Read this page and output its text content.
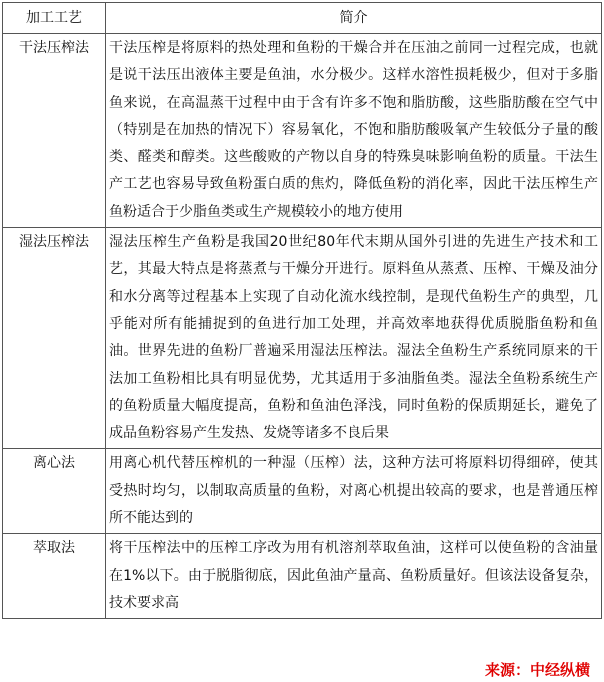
加工工艺	简介
干法压榨法	干法压榨是将原料的热处理和鱼粉的干燥合并在压油之前同一过程完成，也就是说干法压出液体主要是鱼油，水分极少。这样水溶性损耗极少，但对于多脂鱼来说，在高温蒸干过程中由于含有许多不饱和脂肪酸，这些脂肪酸在空气中（特别是在加热的情况下）容易氧化，不饱和脂肪酸吸氧产生较低分子量的酸类、醛类和醇类。这些酸败的产物以自身的特殊臭味影响鱼粉的质量。干法生产工艺也容易导致鱼粉蛋白质的焦灼，降低鱼粉的消化率，因此干法压榨生产鱼粉适合于少脂鱼类或生产规模较小的地方使用
湿法压榨法	湿法压榨生产鱼粉是我国20世纪80年代末期从国外引进的先进生产技术和工艺，其最大特点是将蒸煮与干燥分开进行。原料鱼从蒸煮、压榨、干燥及油分和水分离等过程基本上实现了自动化流水线控制，是现代鱼粉生产的典型，几乎能对所有能捕捉到的鱼进行加工处理，并高效率地获得优质脱脂鱼粉和鱼油。世界先进的鱼粉厂普遍采用湿法压榨法。湿法全鱼粉生产系统同原来的干法加工鱼粉相比具有明显优势，尤其适用于多油脂鱼类。湿法全鱼粉系统生产的鱼粉质量大幅度提高，鱼粉和鱼油色泽浅，同时鱼粉的保质期延长，避免了成品鱼粉容易产生发热、发烧等诸多不良后果
离心法	用离心机代替压榨机的一种湿（压榨）法，这种方法可将原料切得细碎，使其受热时均匀，以制取高质量的鱼粉，对离心机提出较高的要求，也是普通压榨所不能达到的
萃取法	将干压榨法中的压榨工序改为用有机溶剂萃取鱼油，这样可以使鱼粉的含油量在1%以下。由于脱脂彻底，因此鱼油产量高、鱼粉质量好。但该法设备复杂，技术要求高
来源：中经纵横
